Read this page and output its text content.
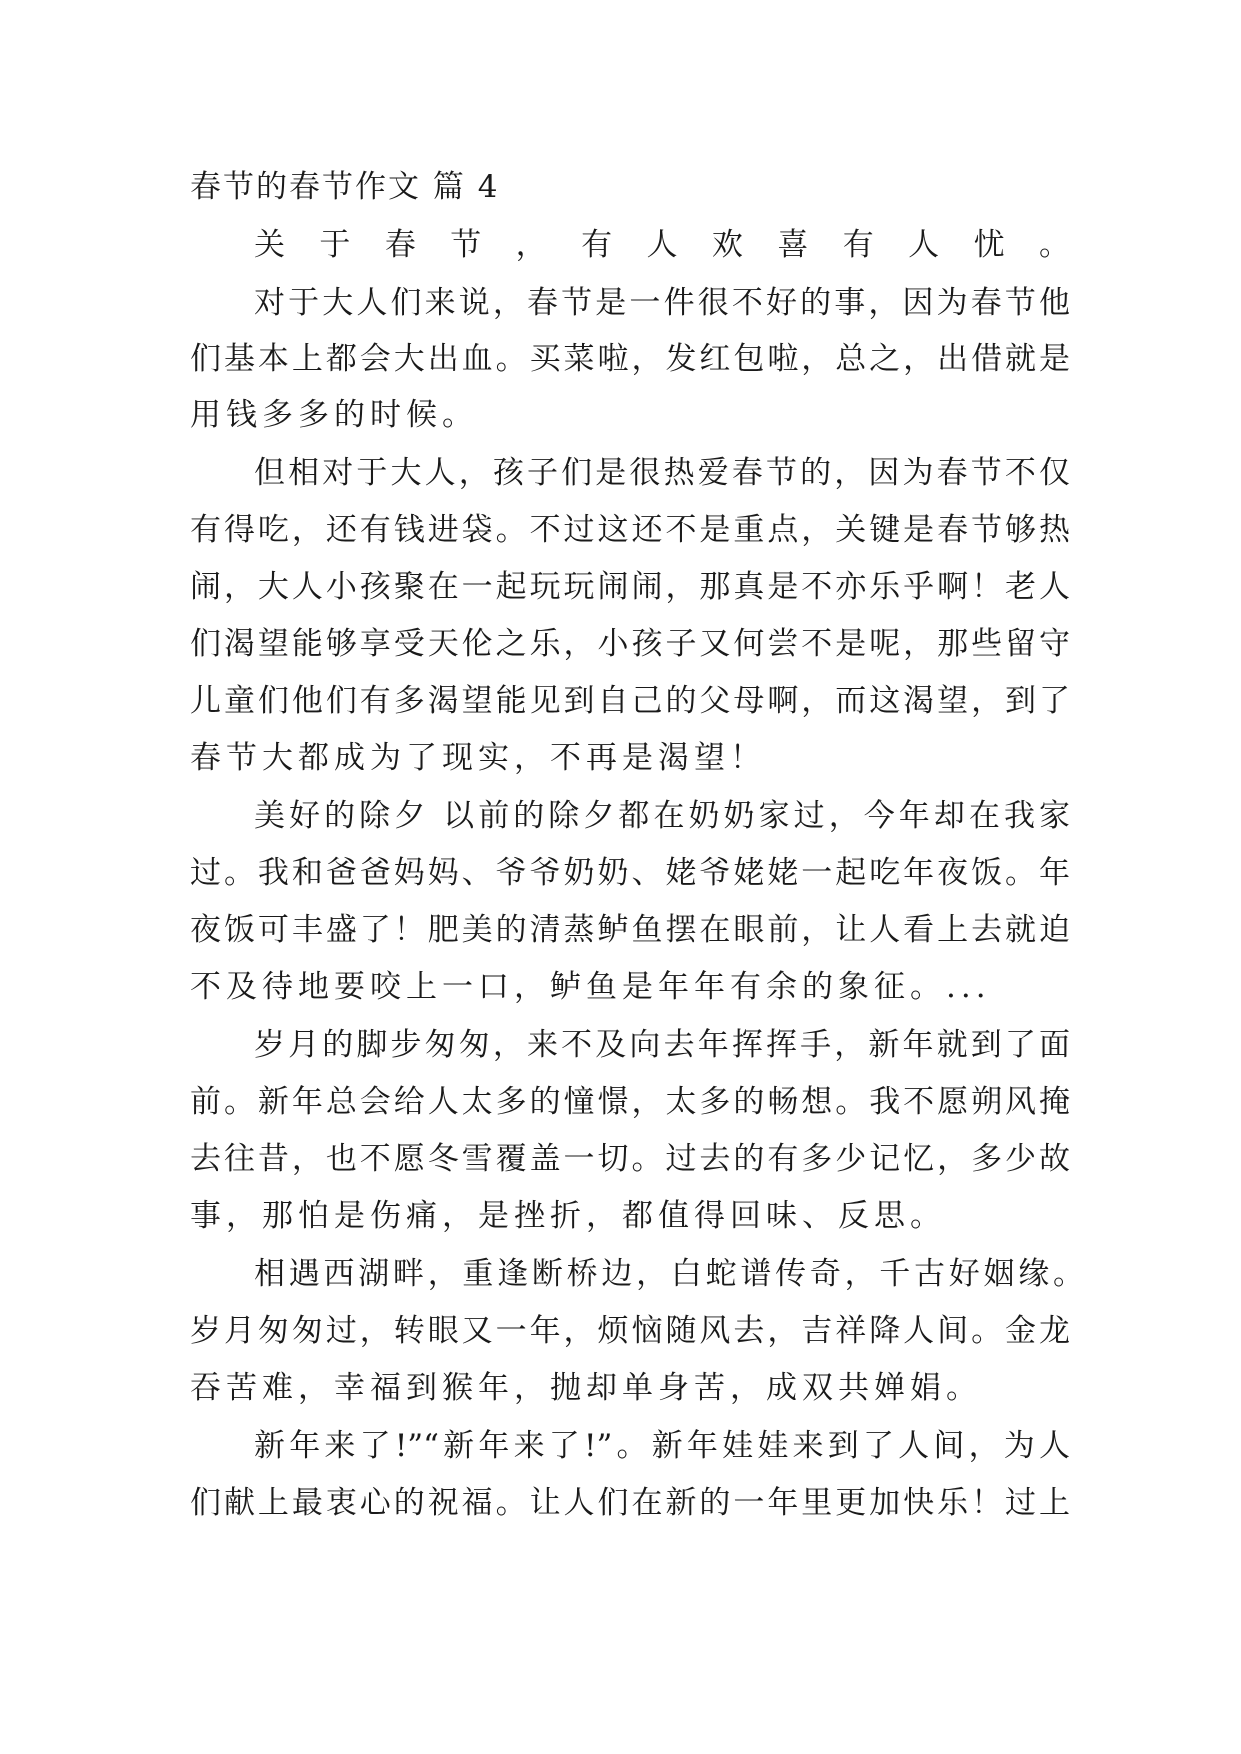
春节的春节作文 篇 4

关于春节，有人欢喜有人忧。

对于大人们来说，春节是一件很不好的事，因为春节他

们基本上都会大出血。买菜啦，发红包啦，总之，出借就是

用钱多多的时候。

但相对于大人，孩子们是很热爱春节的，因为春节不仅

有得吃，还有钱进袋。不过这还不是重点，关键是春节够热

闹，大人小孩聚在一起玩玩闹闹，那真是不亦乐乎啊！老人

们渴望能够享受天伦之乐，小孩子又何尝不是呢，那些留守

儿童们他们有多渴望能见到自己的父母啊，而这渴望，到了

春节大都成为了现实，不再是渴望！

美好的除夕 以前的除夕都在奶奶家过，今年却在我家

过。我和爸爸妈妈、爷爷奶奶、姥爷姥姥一起吃年夜饭。年

夜饭可丰盛了！肥美的清蒸鲈鱼摆在眼前，让人看上去就迫

不及待地要咬上一口，鲈鱼是年年有余的象征。...

岁月的脚步匆匆，来不及向去年挥挥手，新年就到了面

前。新年总会给人太多的憧憬，太多的畅想。我不愿朔风掩

去往昔，也不愿冬雪覆盖一切。过去的有多少记忆，多少故

事，那怕是伤痛，是挫折，都值得回味、反思。

相遇西湖畔，重逢断桥边，白蛇谱传奇，千古好姻缘。

岁月匆匆过，转眼又一年，烦恼随风去，吉祥降人间。金龙

吞苦难，幸福到猴年，抛却单身苦，成双共婵娟。

新年来了!”“新年来了!”。新年娃娃来到了人间，为人

们献上最衷心的祝福。让人们在新的一年里更加快乐！过上
